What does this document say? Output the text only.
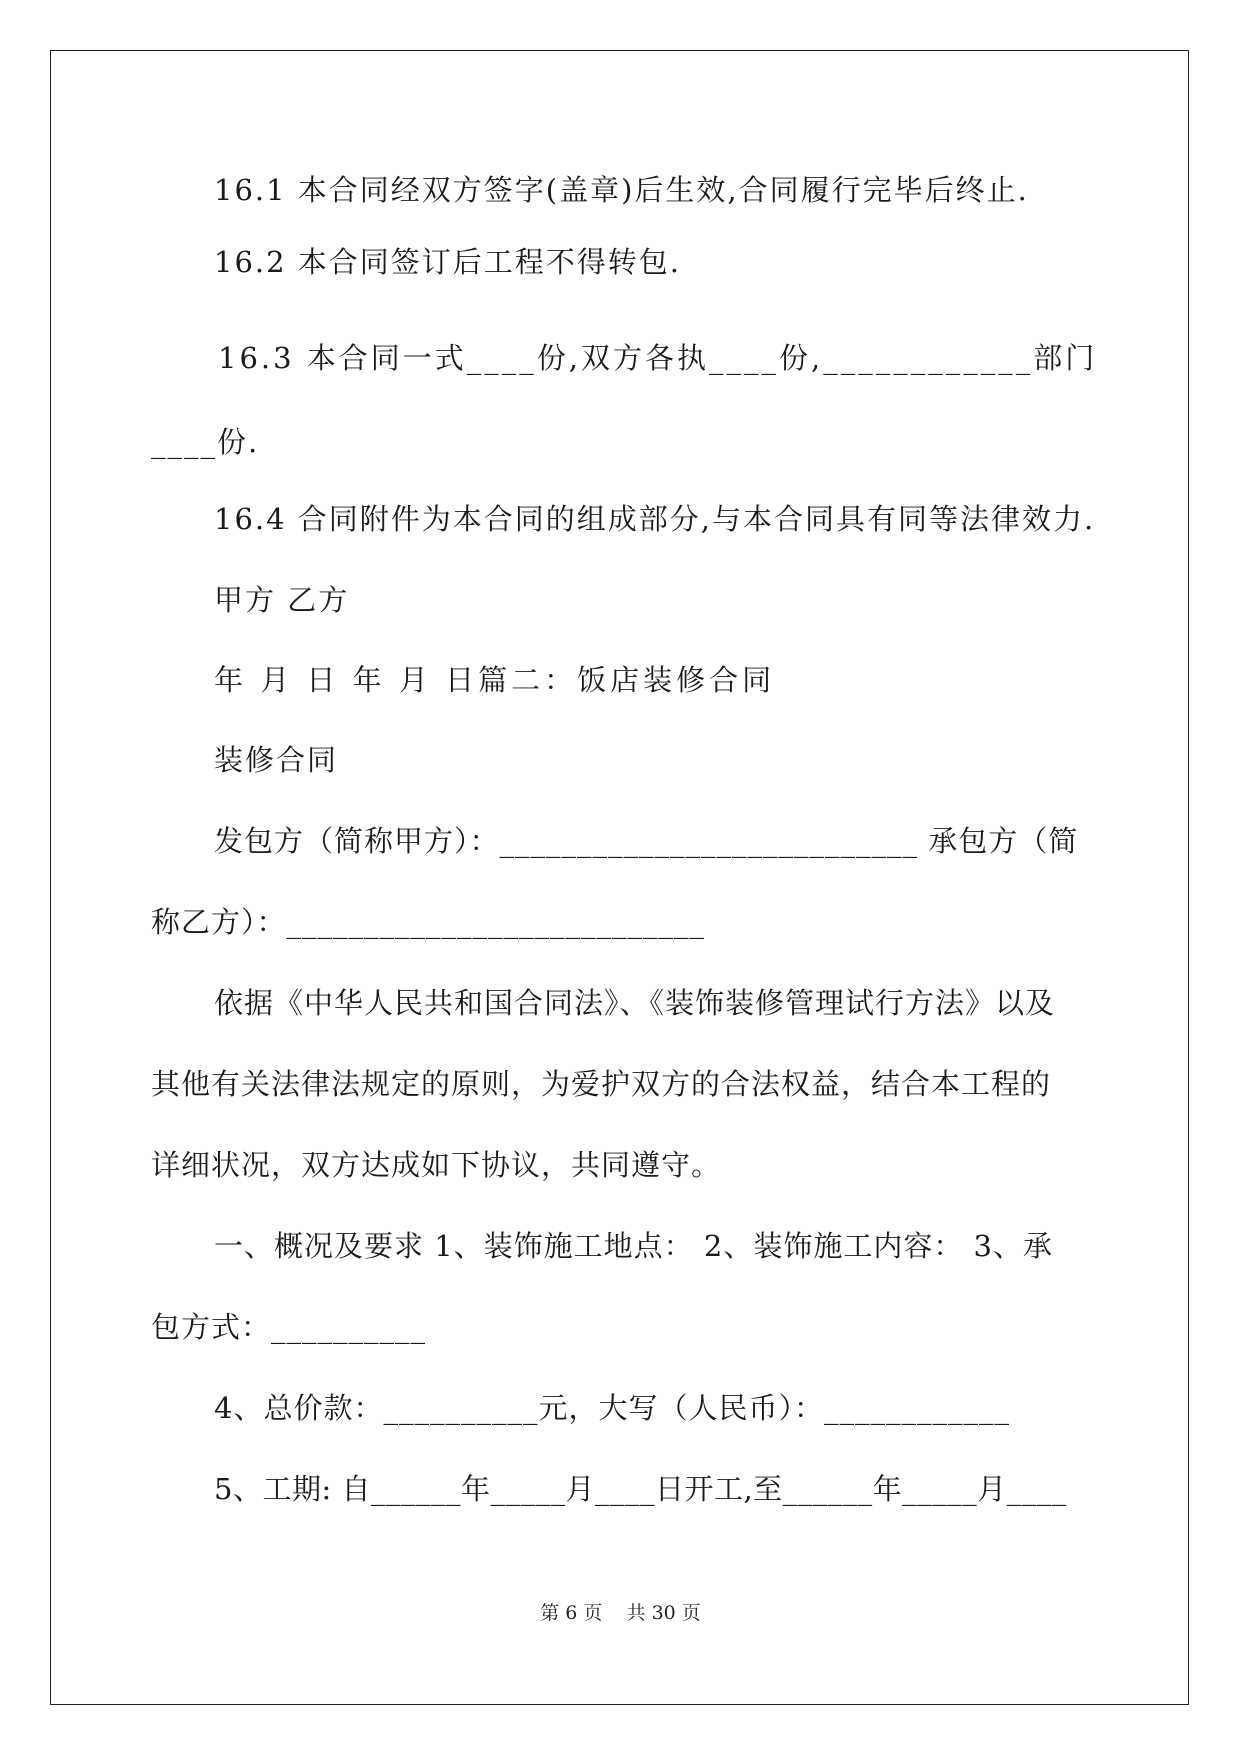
16.1 本合同经双方签字(盖章)后生效,合同履行完毕后终止.
16.2 本合同签订后工程不得转包.
16.3 本合同一式____份,双方各执____份,____________部门
____份.
16.4 合同附件为本合同的组成部分,与本合同具有同等法律效力.
甲方 乙方
年 月 日 年 月 日篇二：饭店装修合同
装修合同
发包方（简称甲方）：___________________________ 承包方（简
称乙方）：___________________________
依据《中华人民共和国合同法》、《装饰装修管理试行方法》以及
其他有关法律法规定的原则，为爱护双方的合法权益，结合本工程的
详细状况，双方达成如下协议，共同遵守。
一、概况及要求 1、装饰施工地点： 2、装饰施工内容： 3、承
包方式：__________
4、总价款：__________元，大写（人民币）：____________
5、工期: 自______年_____月____日开工,至______年_____月____
第 6 页    共 30 页
